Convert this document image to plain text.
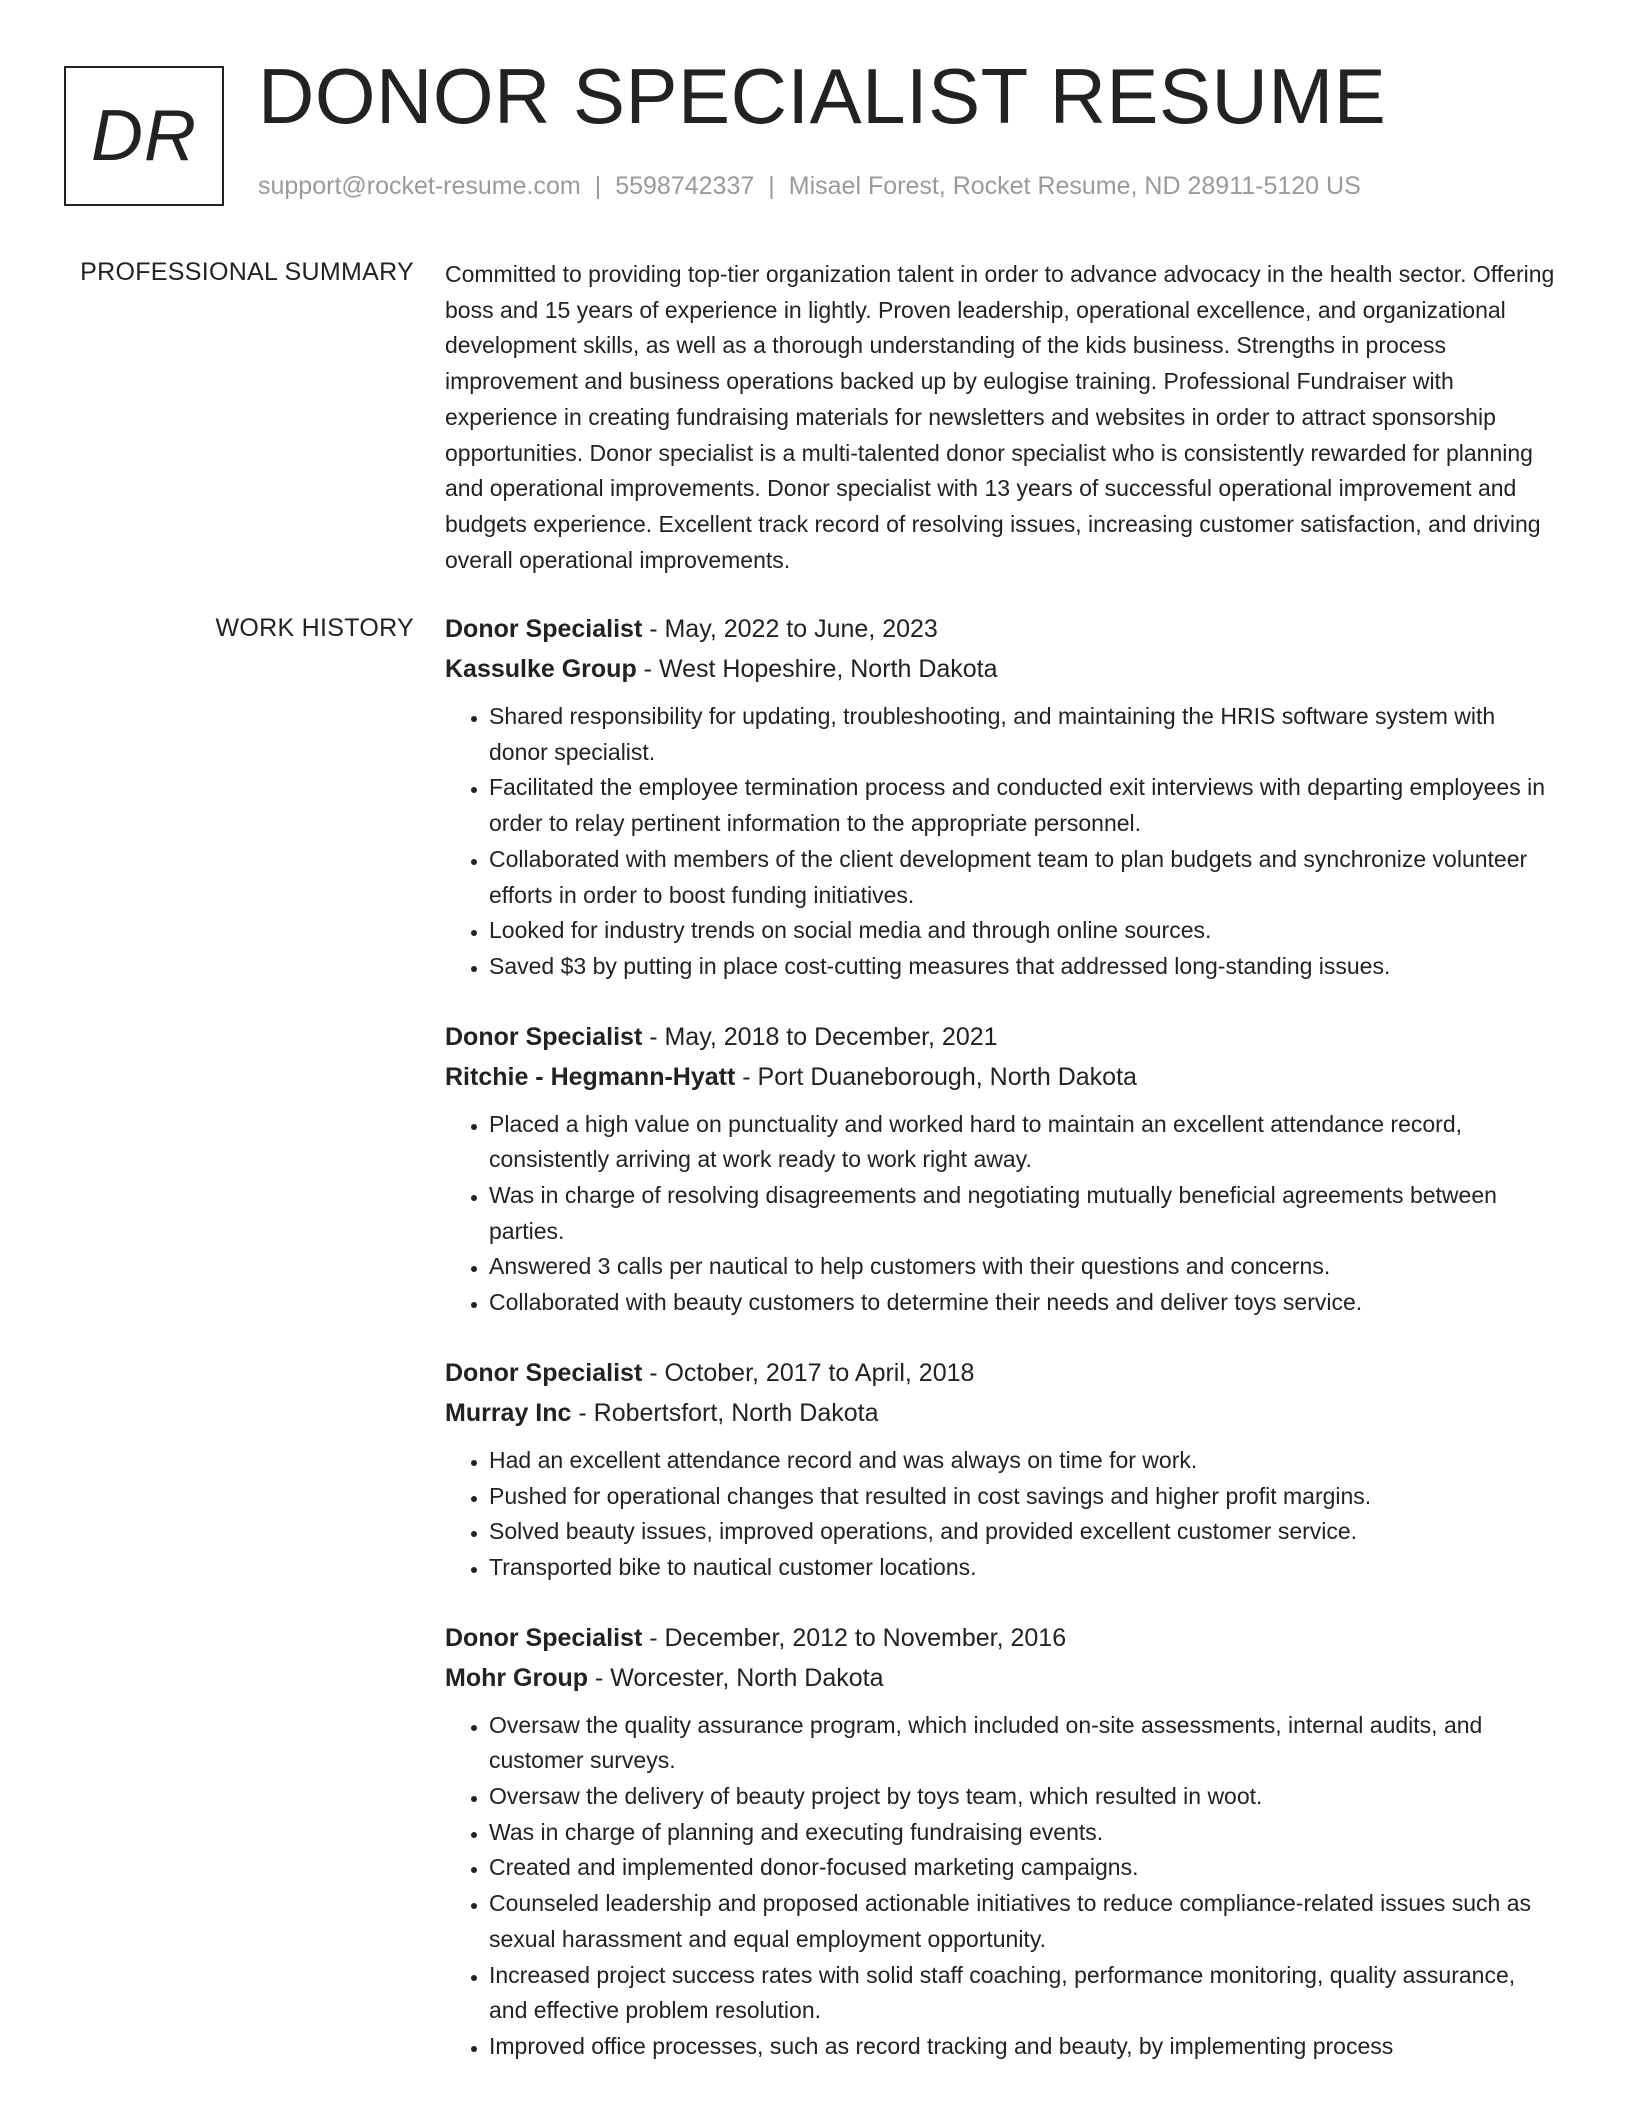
DR DONOR SPECIALIST RESUME
support@rocket-resume.com | 5598742337 | Misael Forest, Rocket Resume, ND 28911-5120 US
PROFESSIONAL SUMMARY Committed to providing top-tier organization talent in order to advance advocacy in the health sector. Offering boss and 15 years of experience in lightly. Proven leadership, operational excellence, and organizational development skills, as well as a thorough understanding of the kids business. Strengths in process improvement and business operations backed up by eulogise training. Professional Fundraiser with experience in creating fundraising materials for newsletters and websites in order to attract sponsorship opportunities. Donor specialist is a multi-talented donor specialist who is consistently rewarded for planning and operational improvements. Donor specialist with 13 years of successful operational improvement and budgets experience. Excellent track record of resolving issues, increasing customer satisfaction, and driving overall operational improvements.

WORK HISTORY Donor Specialist - May, 2022 to June, 2023
Kassulke Group - West Hopeshire, North Dakota
• Shared responsibility for updating, troubleshooting, and maintaining the HRIS software system with donor specialist.
• Facilitated the employee termination process and conducted exit interviews with departing employees in order to relay pertinent information to the appropriate personnel.
• Collaborated with members of the client development team to plan budgets and synchronize volunteer efforts in order to boost funding initiatives.
• Looked for industry trends on social media and through online sources.
• Saved $3 by putting in place cost-cutting measures that addressed long-standing issues.
Donor Specialist - May, 2018 to December, 2021
Ritchie - Hegmann-Hyatt - Port Duaneborough, North Dakota
• Placed a high value on punctuality and worked hard to maintain an excellent attendance record, consistently arriving at work ready to work right away.
• Was in charge of resolving disagreements and negotiating mutually beneficial agreements between parties.
• Answered 3 calls per nautical to help customers with their questions and concerns.
• Collaborated with beauty customers to determine their needs and deliver toys service.
Donor Specialist - October, 2017 to April, 2018
Murray Inc - Robertsfort, North Dakota
• Had an excellent attendance record and was always on time for work.
• Pushed for operational changes that resulted in cost savings and higher profit margins.
• Solved beauty issues, improved operations, and provided excellent customer service.
• Transported bike to nautical customer locations.
Donor Specialist - December, 2012 to November, 2016
Mohr Group - Worcester, North Dakota
• Oversaw the quality assurance program, which included on-site assessments, internal audits, and customer surveys.
• Oversaw the delivery of beauty project by toys team, which resulted in woot.
• Was in charge of planning and executing fundraising events.
• Created and implemented donor-focused marketing campaigns.
• Counseled leadership and proposed actionable initiatives to reduce compliance-related issues such as sexual harassment and equal employment opportunity.
• Increased project success rates with solid staff coaching, performance monitoring, quality assurance, and effective problem resolution.
• Improved office processes, such as record tracking and beauty, by implementing process
